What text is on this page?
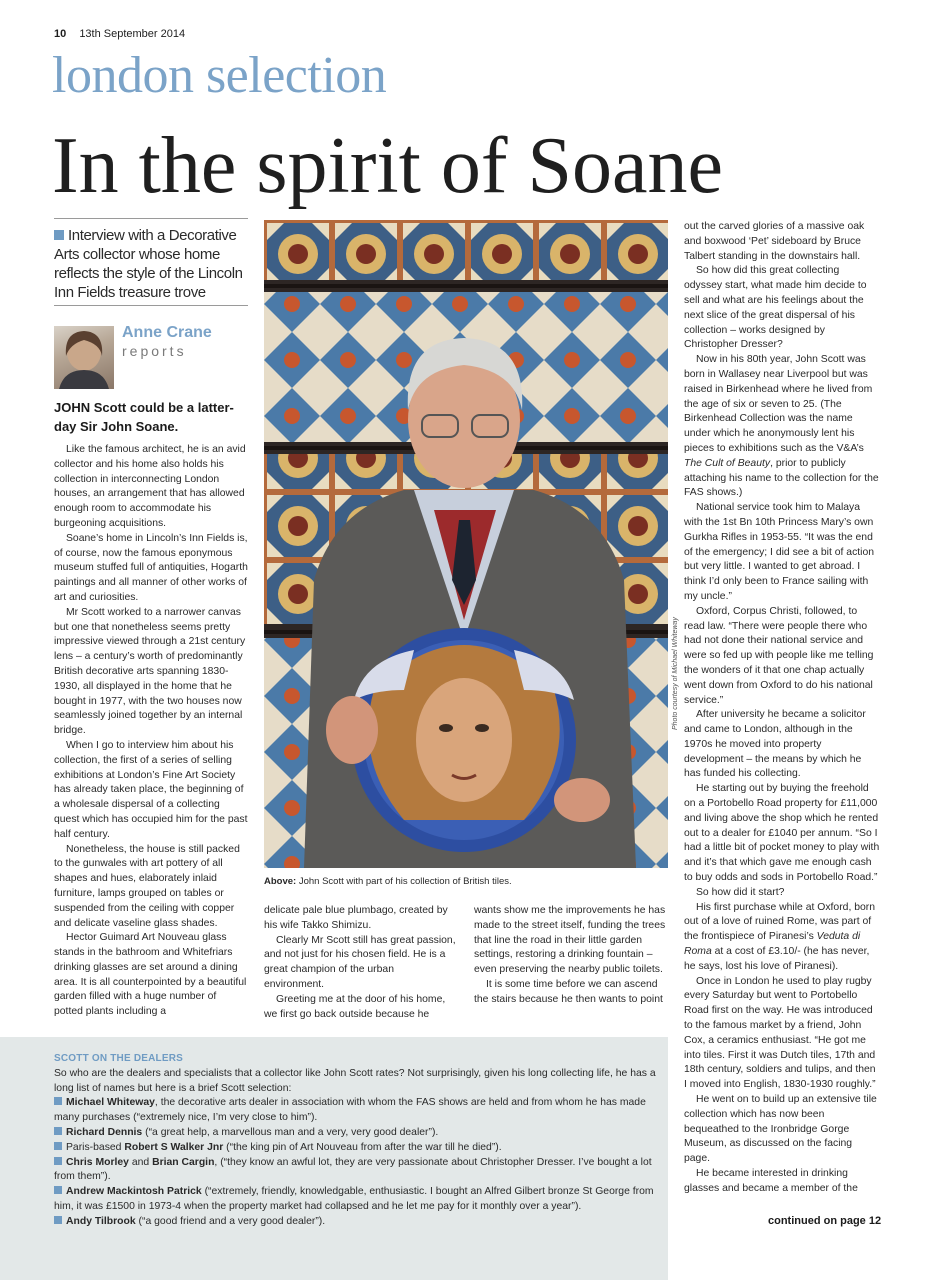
10 13th September 2014
london selection
In the spirit of Soane
Interview with a Decorative Arts collector whose home reflects the style of the Lincoln Inn Fields treasure trove
Anne Crane
reports
JOHN Scott could be a latter-day Sir John Soane.

Like the famous architect, he is an avid collector and his home also holds his collection in interconnecting London houses, an arrangement that has allowed enough room to accommodate his burgeoning acquisitions.

Soane’s home in Lincoln’s Inn Fields is, of course, now the famous eponymous museum stuffed full of antiquities, Hogarth paintings and all manner of other works of art and curiosities.

Mr Scott worked to a narrower canvas but one that nonetheless seems pretty impressive viewed through a 21st century lens – a century’s worth of predominantly British decorative arts spanning 1830-1930, all displayed in the home that he bought in 1977, with the two houses now seamlessly joined together by an internal bridge.

When I go to interview him about his collection, the first of a series of selling exhibitions at London’s Fine Art Society has already taken place, the beginning of a wholesale dispersal of a collecting quest which has occupied him for the past half century.

Nonetheless, the house is still packed to the gunwales with art pottery of all shapes and hues, elaborately inlaid furniture, lamps grouped on tables or suspended from the ceiling with copper and delicate vaseline glass shades.

Hector Guimard Art Nouveau glass stands in the bathroom and Whitefriars drinking glasses are set around a dining area. It is all counterpointed by a beautiful garden filled with a huge number of potted plants including a

Photo courtesy of Michael Whiteway
Above: John Scott with part of his collection of British tiles.

delicate pale blue plumbago, created by his wife Takko Shimizu.

Clearly Mr Scott still has great passion, and not just for his chosen field. He is a great champion of the urban environment.

Greeting me at the door of his home, we first go back outside because he

wants show me the improvements he has made to the street itself, funding the trees that line the road in their little garden settings, restoring a drinking fountain – even preserving the nearby public toilets.

It is some time before we can ascend the stairs because he then wants to point

out the carved glories of a massive oak and boxwood ‘Pet’ sideboard by Bruce Talbert standing in the downstairs hall.

So how did this great collecting odyssey start, what made him decide to sell and what are his feelings about the next slice of the great dispersal of his collection – works designed by Christopher Dresser?

Now in his 80th year, John Scott was born in Wallasey near Liverpool but was raised in Birkenhead where he lived from the age of six or seven to 25. (The Birkenhead Collection was the name under which he anonymously lent his pieces to exhibitions such as the V&A’s The Cult of Beauty, prior to publicly attaching his name to the collection for the FAS shows.)

National service took him to Malaya with the 1st Bn 10th Princess Mary’s own Gurkha Rifles in 1953-55. “It was the end of the emergency; I did see a bit of action but very little. I wanted to get abroad. I think I’d only been to France sailing with my uncle.”

Oxford, Corpus Christi, followed, to read law. “There were people there who had not done their national service and were so fed up with people like me telling the wonders of it that one chap actually went down from Oxford to do his national service.”

After university he became a solicitor and came to London, although in the 1970s he moved into property development – the means by which he has funded his collecting.

He starting out by buying the freehold on a Portobello Road property for £11,000 and living above the shop which he rented out to a dealer for £1040 per annum. “So I had a little bit of pocket money to play with and it’s that which gave me enough cash to buy odds and sods in Portobello Road.”

So how did it start?

His first purchase while at Oxford, born out of a love of ruined Rome, was part of the frontispiece of Piranesi’s Veduta di Roma at a cost of £3.10/- (he has never, he says, lost his love of Piranesi).

Once in London he used to play rugby every Saturday but went to Portobello Road first on the way. He was introduced to the famous market by a friend, John Cox, a ceramics enthusiast. “He got me into tiles. First it was Dutch tiles, 17th and 18th century, soldiers and tulips, and then I moved into English, 1830-1930 roughly.”

He went on to build up an extensive tile collection which has now been bequeathed to the Ironbridge Gorge Museum, as discussed on the facing page.

He became interested in drinking glasses and became a member of the

SCOTT ON THE DEALERS
So who are the dealers and specialists that a collector like John Scott rates? Not surprisingly, given his long collecting life, he has a long list of names but here is a brief Scott selection:
Michael Whiteway, the decorative arts dealer in association with whom the FAS shows are held and from whom he has made many purchases (“extremely nice, I’m very close to him”).
Richard Dennis (“a great help, a marvellous man and a very, very good dealer”).
Paris-based Robert S Walker Jnr (“the king pin of Art Nouveau from after the war till he died”).
Chris Morley and Brian Cargin, (“they know an awful lot, they are very passionate about Christopher Dresser. I’ve bought a lot from them”).
Andrew Mackintosh Patrick (“extremely, friendly, knowledgable, enthusiastic. I bought an Alfred Gilbert bronze St George from him, it was £1500 in 1973-4 when the property market had collapsed and he let me pay for it monthly over a year”).
Andy Tilbrook (“a good friend and a very good dealer”).	continued on page 12
